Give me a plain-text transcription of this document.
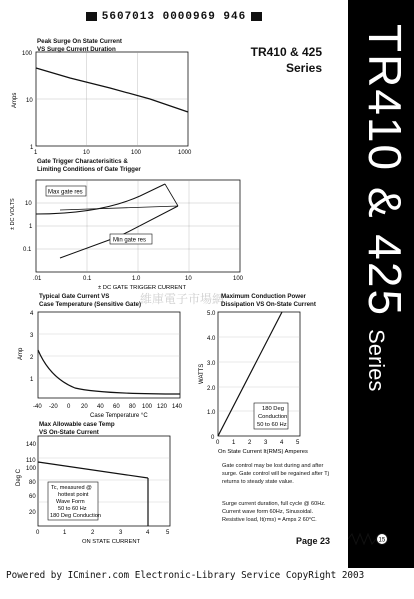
5607013 0000969 946
TR410 & 425Series
TR410 & 425
Series
Peak Surge On State Current
VS Surge Current Duration
100
10
1
Amps
1	10	100	1000
Max gate res
Min gate res
10
1
0.1
± DC VOLTS
.01	0.1	1.0	10	100
± DC GATE TRIGGER CURRENT
4
3
2
1
Amp
-40 -20 0 20 40 60 80 100 120 140
Case Temperature °C
180 Deg
Conduction
50 to 60 Hz
5.0
4.0
3.0
2.0
1.0
0
WATTS
0 1 2 3 4 5
On State Current It(RMS) Amperes
Tc, measured @
hottest point
Wave Form
50 to 60 Hz
180 Deg Conduction
140
110
100
80
60
20
Deg C
0	1	2	3	4	5
ON STATE CURRENT
維庫電子市場網
Gate Trigger Characterisitics &
Limiting Conditions of Gate Trigger
Typical Gate Current VS
Case Temperature (Sensitive Gate)
Maximum Conduction Power
Dissipation VS On-State Current
Max Allowable case Temp
VS On-State Current
Gate control may be lost during and after
surge. Gate control will be regained after Tj
returns to steady state value.
Surge current duration, full cycle @ 60Hz.
Current wave form 60Hz, Sinusoidal.
Resistive load, It(rms) = Amps 2 60°C.
Page 23	15
Powered by ICminer.com Electronic-Library Service CopyRight 2003
